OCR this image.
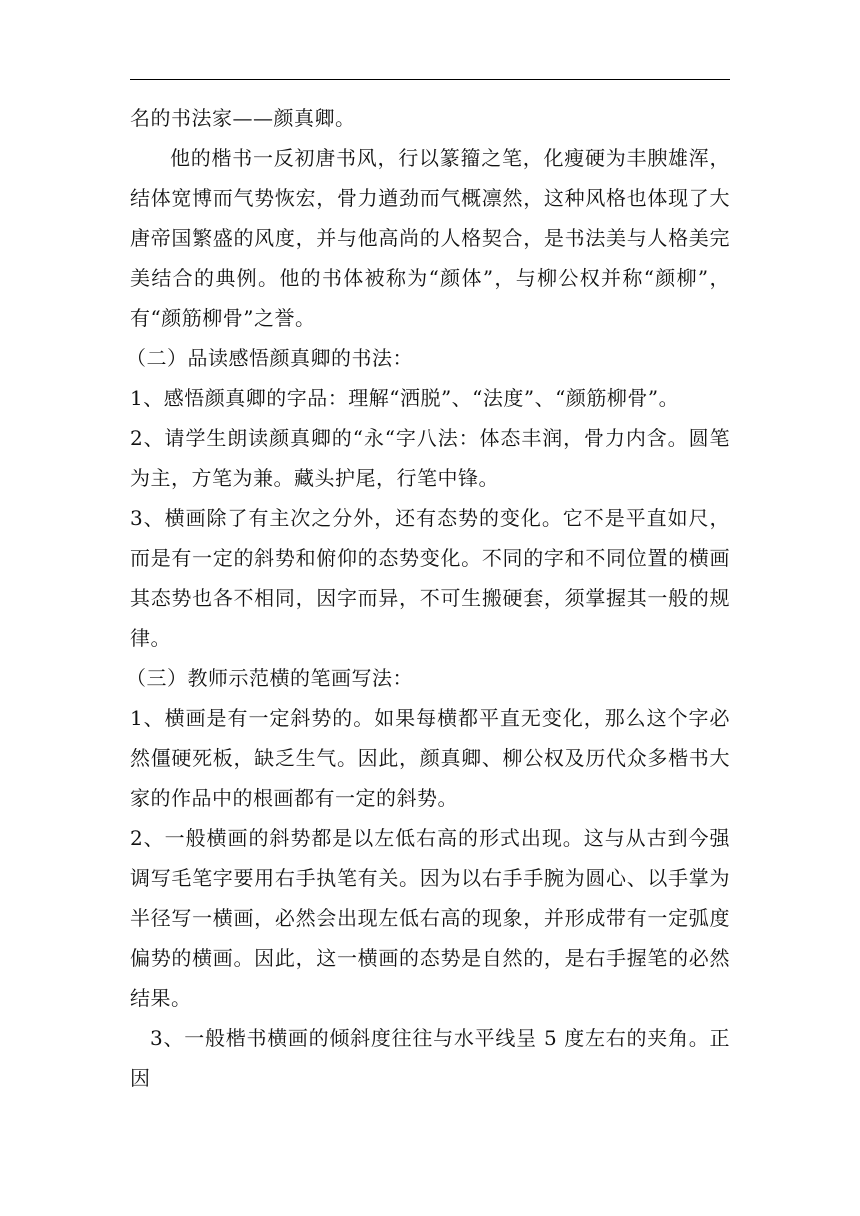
名的书法家——颜真卿。

他的楷书一反初唐书风，行以篆籀之笔，化瘦硬为丰腴雄浑，结体宽博而气势恢宏，骨力遒劲而气概凛然，这种风格也体现了大唐帝国繁盛的风度，并与他高尚的人格契合，是书法美与人格美完美结合的典例。他的书体被称为“颜体”，与柳公权并称“颜柳”，有“颜筋柳骨”之誉。

（二）品读感悟颜真卿的书法：

1、感悟颜真卿的字品：理解“洒脱”、“法度”、“颜筋柳骨”。

2、请学生朗读颜真卿的“永“字八法：体态丰润，骨力内含。圆笔为主，方笔为兼。藏头护尾，行笔中锋。

3、横画除了有主次之分外，还有态势的变化。它不是平直如尺，而是有一定的斜势和俯仰的态势变化。不同的字和不同位置的横画其态势也各不相同，因字而异，不可生搬硬套，须掌握其一般的规律。

（三）教师示范横的笔画写法：

1、横画是有一定斜势的。如果每横都平直无变化，那么这个字必然僵硬死板，缺乏生气。因此，颜真卿、柳公权及历代众多楷书大家的作品中的根画都有一定的斜势。

2、一般横画的斜势都是以左低右高的形式出现。这与从古到今强调写毛笔字要用右手执笔有关。因为以右手手腕为圆心、以手掌为半径写一横画，必然会出现左低右高的现象，并形成带有一定弧度偏势的横画。因此，这一横画的态势是自然的，是右手握笔的必然结果。

3、一般楷书横画的倾斜度往往与水平线呈 5 度左右的夹角。正因
